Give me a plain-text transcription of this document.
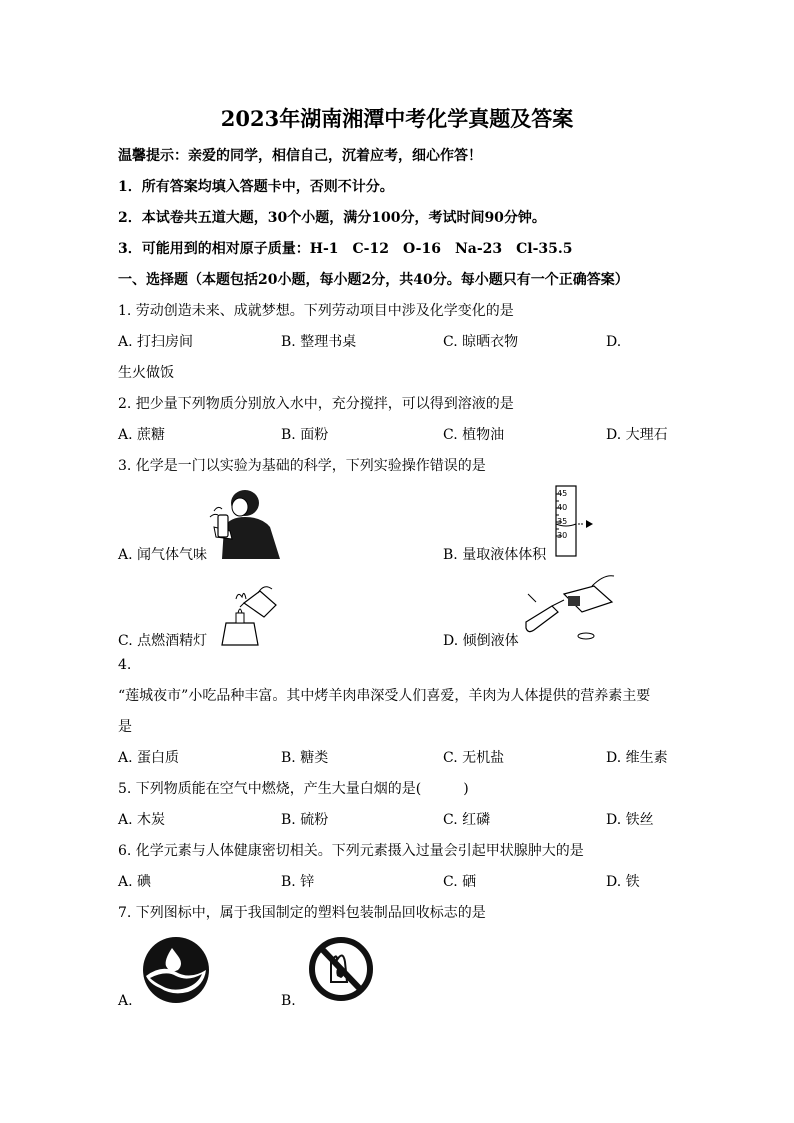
2023年湖南湘潭中考化学真题及答案
温馨提示：亲爱的同学，相信自己，沉着应考，细心作答！
1．所有答案均填入答题卡中，否则不计分。
2．本试卷共五道大题，30个小题，满分100分，考试时间90分钟。
3．可能用到的相对原子质量：H-1　C-12　O-16　Na-23　Cl-35.5
一、选择题（本题包括20小题，每小题2分，共40分。每小题只有一个正确答案）
1. 劳动创造未来、成就梦想。下列劳动项目中涉及化学变化的是
A. 打扫房间	B. 整理书桌	C. 晾晒衣物	D.
生火做饭
2. 把少量下列物质分别放入水中，充分搅拌，可以得到溶液的是
A. 蔗糖	B. 面粉	C. 植物油	D. 大理石
3. 化学是一门以实验为基础的科学，下列实验操作错误的是
A. 闻气体气味
45
40
35
30
B. 量取液体体积
C. 点燃酒精灯	D. 倾倒液体
4.
“莲城夜市”小吃品种丰富。其中烤羊肉串深受人们喜爱，羊肉为人体提供的营养素主要
是
A. 蛋白质	B. 糖类	C. 无机盐	D. 维生素
5. 下列物质能在空气中燃烧，产生大量白烟的是(　　　)
A. 木炭	B. 硫粉	C. 红磷	D. 铁丝
6. 化学元素与人体健康密切相关。下列元素摄入过量会引起甲状腺肿大的是
A. 碘	B. 锌	C. 硒	D. 铁
7. 下列图标中，属于我国制定的塑料包装制品回收标志的是
A.	B.
